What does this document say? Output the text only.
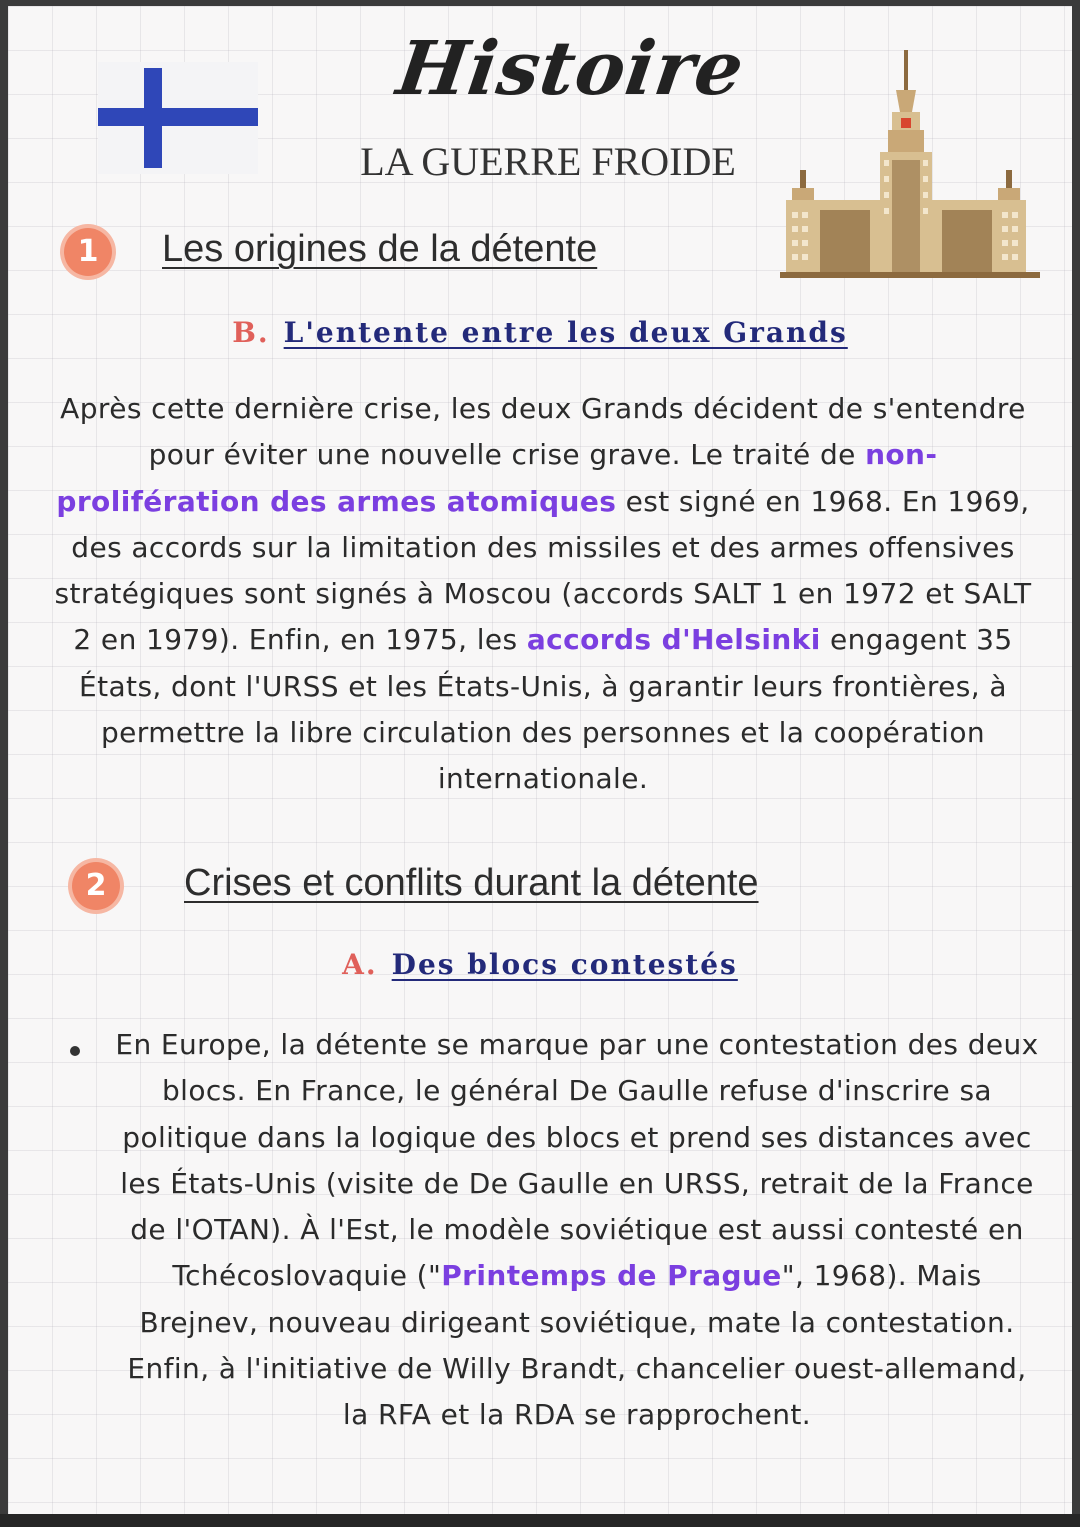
Histoire
LA GUERRE FROIDE
1	Les origines de la détente
B. L'entente entre les deux Grands
Après cette dernière crise, les deux Grands décident de s'entendre pour éviter une nouvelle crise grave. Le traité de non-prolifération des armes atomiques est signé en 1968. En 1969, des accords sur la limitation des missiles et des armes offensives stratégiques sont signés à Moscou (accords SALT 1 en 1972 et SALT 2 en 1979). Enfin, en 1975, les accords d'Helsinki engagent 35 États, dont l'URSS et les États-Unis, à garantir leurs frontières, à permettre la libre circulation des personnes et la coopération internationale.
2	Crises et conflits durant la détente
A. Des blocs contestés
En Europe, la détente se marque par une contestation des deux blocs. En France, le général De Gaulle refuse d'inscrire sa politique dans la logique des blocs et prend ses distances avec les États-Unis (visite de De Gaulle en URSS, retrait de la France de l'OTAN). À l'Est, le modèle soviétique est aussi contesté en Tchécoslovaquie ("Printemps de Prague", 1968). Mais Brejnev, nouveau dirigeant soviétique, mate la contestation. Enfin, à l'initiative de Willy Brandt, chancelier ouest-allemand, la RFA et la RDA se rapprochent.
